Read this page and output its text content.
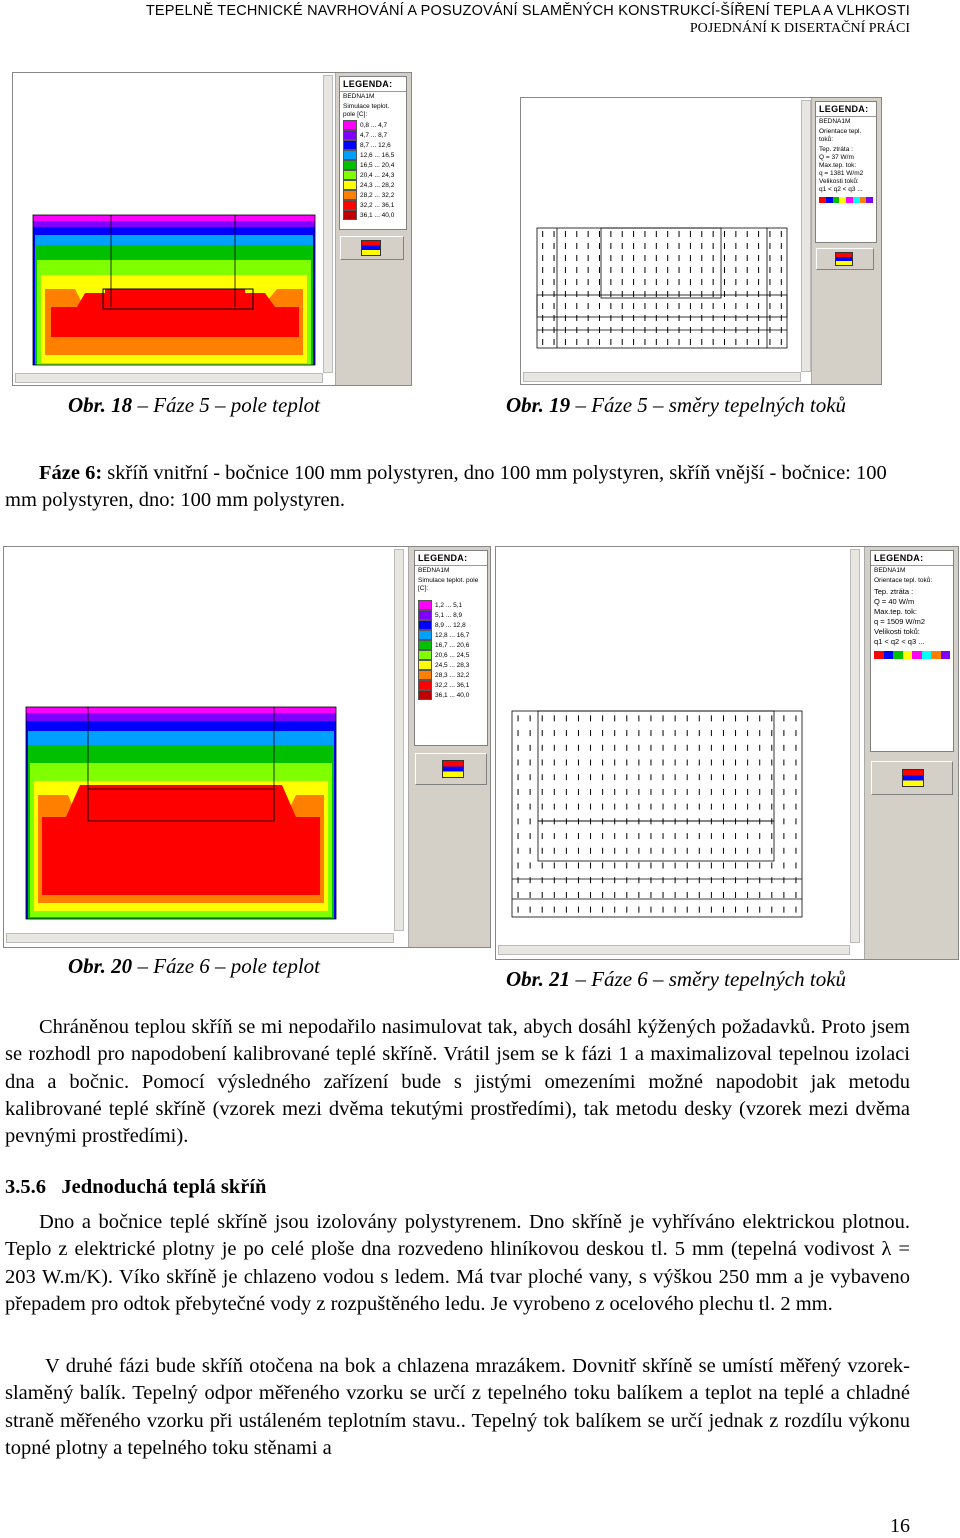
TEPELNĚ TECHNICKÉ NAVRHOVÁNÍ A POSUZOVÁNÍ SLAMĚNÝCH KONSTRUKCÍ-ŠÍŘENÍ TEPLA A VLHKOSTI
POJEDNÁNÍ K DISERTAČNÍ PRÁCI
LEGENDA:
BEDNA1M
Simulace teplot. pole [C]:
0,8 ... 4,7
4,7 ... 8,7
8,7 ... 12,6
12,6 ... 16,5
16,5 ... 20,4
20,4 ... 24,3
24,3 ... 28,2
28,2 ... 32,2
32,2 ... 36,1
36,1 ... 40,0
Obr. 18 – Fáze 5 – pole teplot
LEGENDA:
BEDNA1M
Orientace tepl. toků:
Tep. ztráta :
Q = 37 W/m
Max.tep. tok:
q = 1381 W/m2
Velikosti toků:
q1 < q2 < q3 ...
Obr. 19 – Fáze 5 – směry tepelných toků
Fáze 6: skříň vnitřní - bočnice 100 mm polystyren, dno 100 mm polystyren, skříň vnější - bočnice: 100 mm polystyren, dno: 100 mm polystyren.
LEGENDA:
BEDNA1M
Simulace teplot. pole [C]:
1,2 ... 5,1
5,1 ... 8,9
8,9 ... 12,8
12,8 ... 16,7
16,7 ... 20,6
20,6 ... 24,5
24,5 ... 28,3
28,3 ... 32,2
32,2 ... 36,1
36,1 ... 40,0
Obr. 20 – Fáze 6 – pole teplot
LEGENDA:
BEDNA1M
Orientace tepl. toků:
Tep. ztráta :
Q = 40 W/m
Max.tep. tok:
q = 1509 W/m2
Velikosti toků:
q1 < q2 < q3 ...
Obr. 21 – Fáze 6 – směry tepelných toků
Chráněnou teplou skříň se mi nepodařilo nasimulovat tak, abych dosáhl kýžených požadavků. Proto jsem se rozhodl pro napodobení kalibrované teplé skříně. Vrátil jsem se k fázi 1 a maximalizoval tepelnou izolaci dna a bočnic. Pomocí výsledného zařízení bude s jistými omezeními možné napodobit jak metodu kalibrované teplé skříně (vzorek mezi dvěma tekutými prostředími), tak metodu desky (vzorek mezi dvěma pevnými prostředími).
3.5.6   Jednoduchá teplá skříň
Dno a bočnice teplé skříně jsou izolovány polystyrenem. Dno skříně je vyhříváno elektrickou plotnou. Teplo z elektrické plotny je po celé ploše dna rozvedeno hliníkovou deskou tl. 5 mm (tepelná vodivost λ = 203 W.m/K). Víko skříně je chlazeno vodou s ledem. Má tvar ploché vany, s výškou 250 mm a je vybaveno přepadem pro odtok přebytečné vody z rozpuštěného ledu. Je vyrobeno z ocelového plechu tl. 2 mm.
V druhé fázi bude skříň otočena na bok a chlazena mrazákem. Dovnitř skříně se umístí měřený vzorek-slaměný balík. Tepelný odpor měřeného vzorku se určí z tepelného toku balíkem a teplot na teplé a chladné straně měřeného vzorku při ustáleném teplotním stavu.. Tepelný tok balíkem se určí jednak z rozdílu výkonu topné plotny a tepelného toku stěnami a
16
